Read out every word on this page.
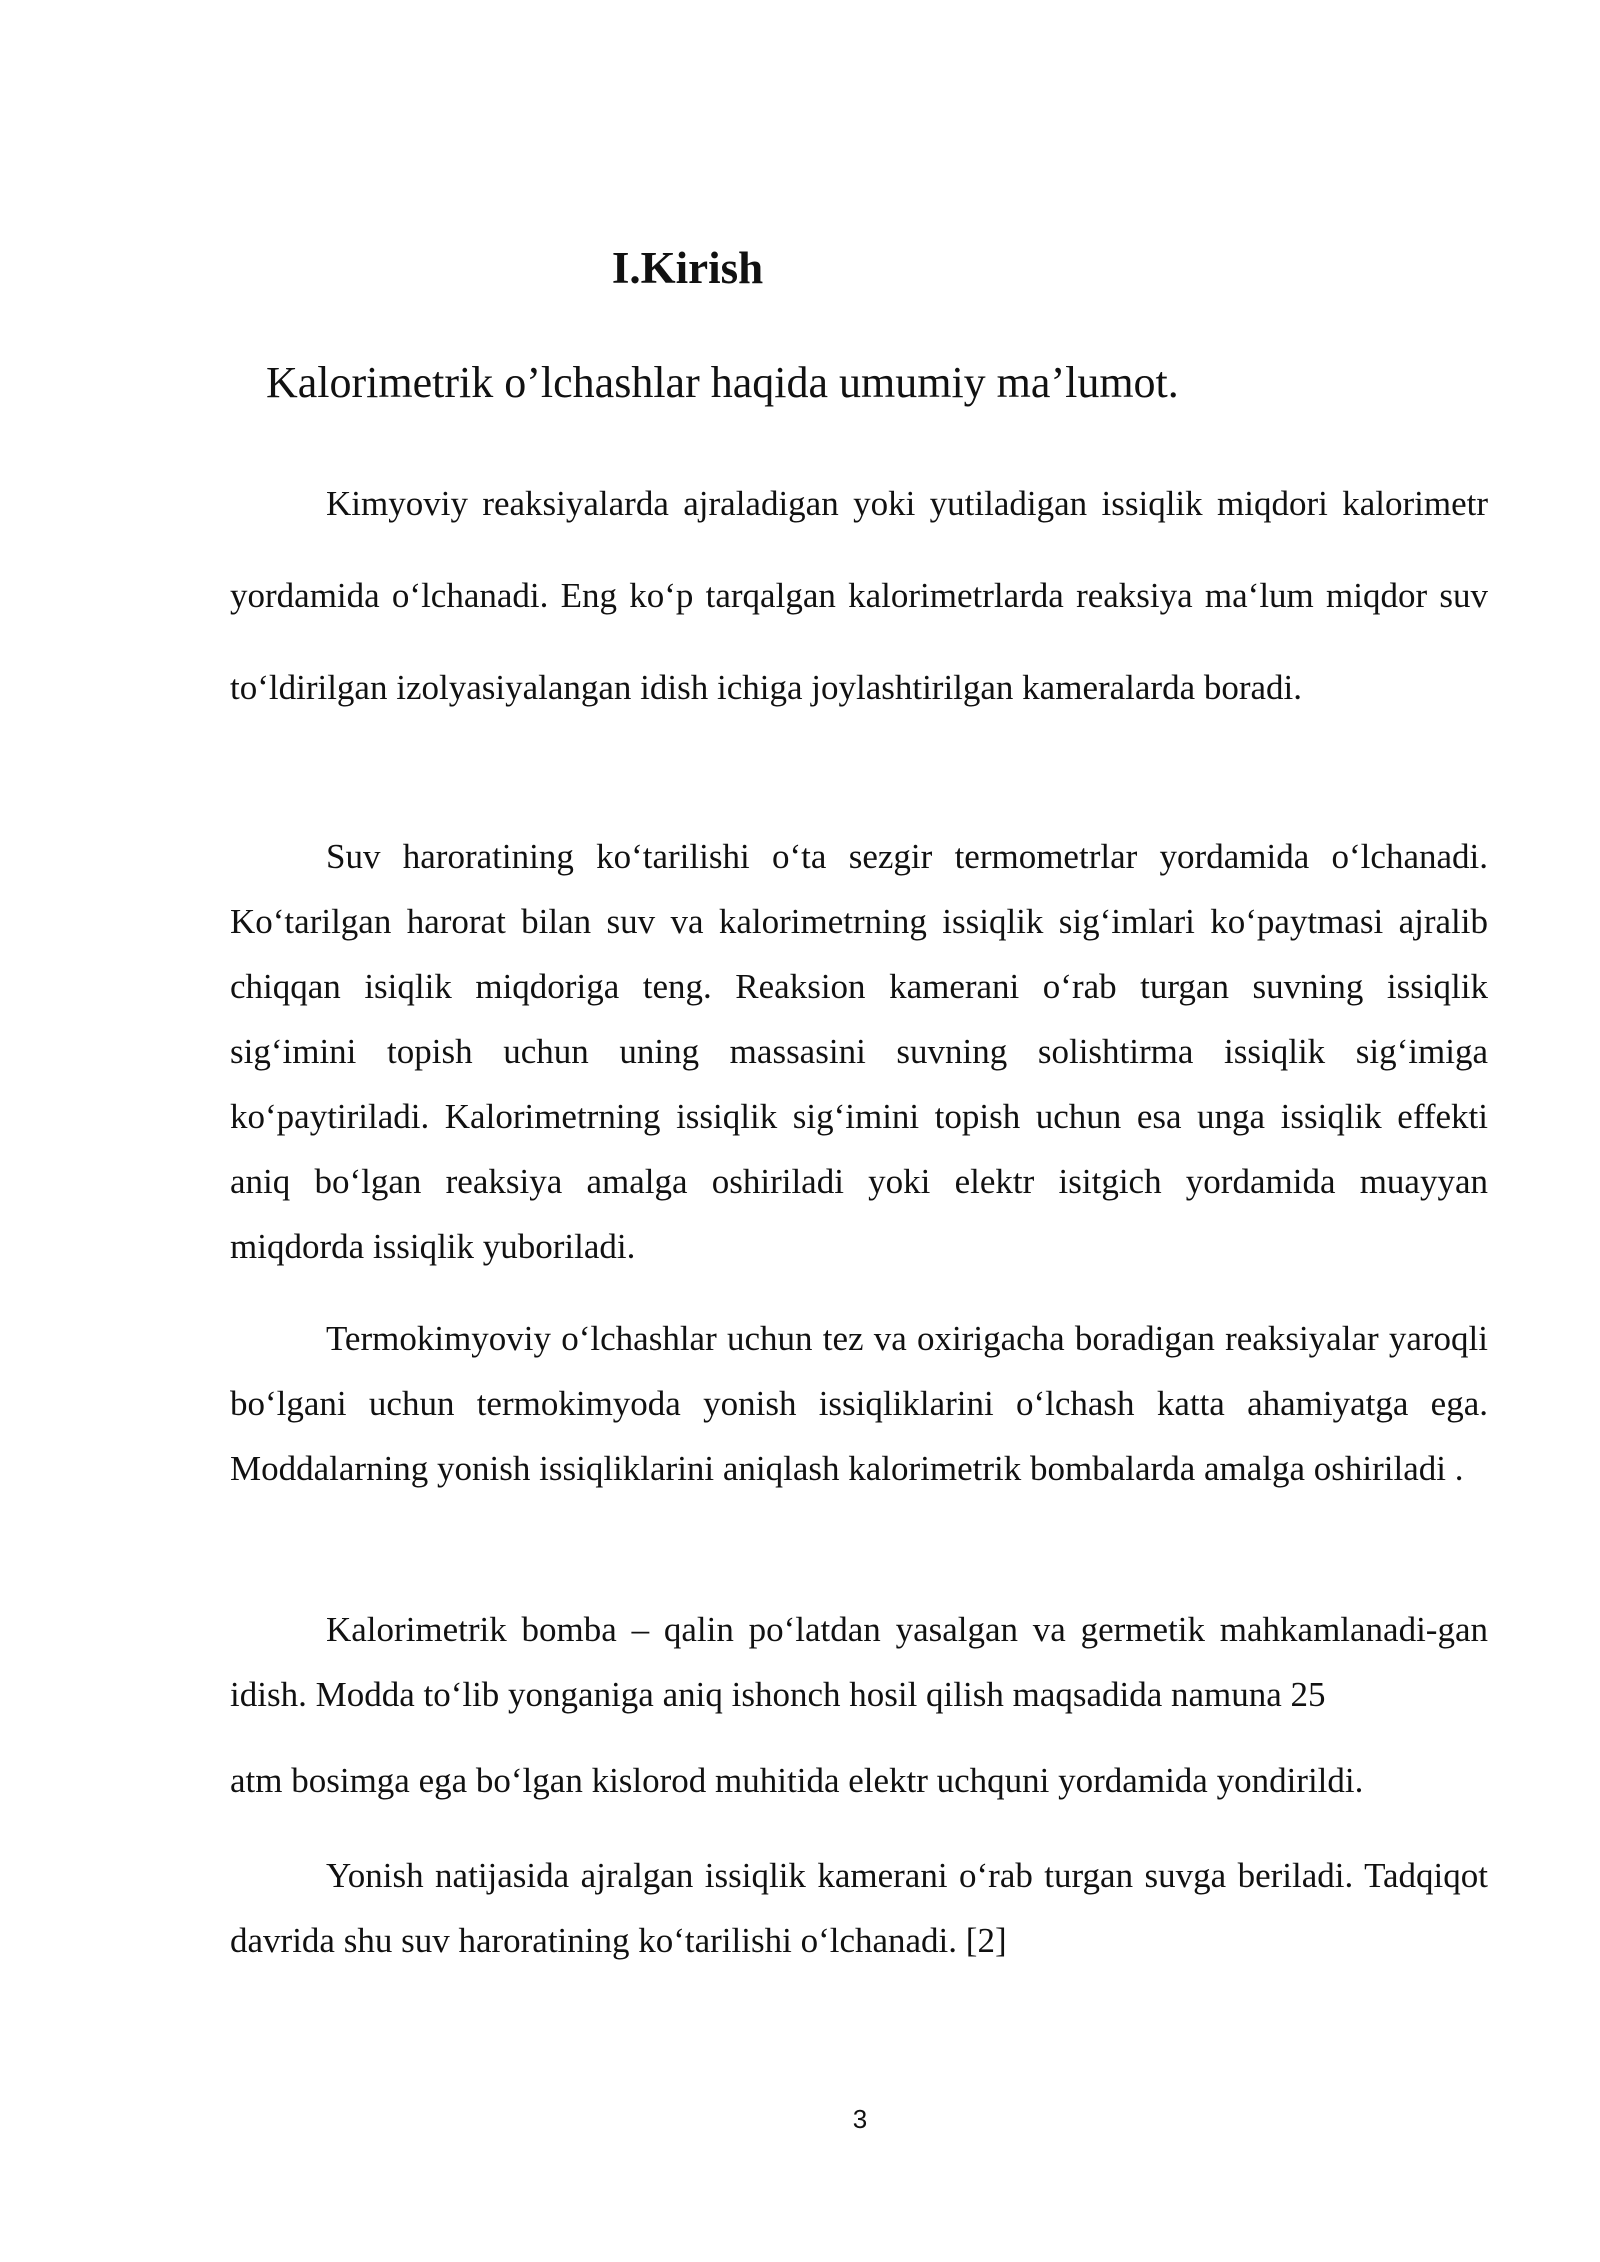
I.Kirish
Kalorimetrik o’lchashlar haqida umumiy ma’lumot.
Kimyoviy reaksiyalarda ajraladigan yoki yutiladigan issiqlik miqdori kalorimetr yordamida o‘lchanadi. Eng ko‘p tarqalgan kalorimetrlarda reaksiya ma‘lum miqdor suv to‘ldirilgan izolyasiyalangan idish ichiga joylashtirilgan kameralarda boradi.
Suv haroratining ko‘tarilishi o‘ta sezgir termometrlar yordamida o‘lchanadi. Ko‘tarilgan harorat bilan suv va kalorimetrning issiqlik sig‘imlari ko‘paytmasi ajralib chiqqan isiqlik miqdoriga teng. Reaksion kamerani o‘rab turgan suvning issiqlik sig‘imini topish uchun uning massasini suvning solishtirma issiqlik sig‘imiga ko‘paytiriladi. Kalorimetrning issiqlik sig‘imini topish uchun esa unga issiqlik effekti aniq bo‘lgan reaksiya amalga oshiriladi yoki elektr isitgich yordamida muayyan miqdorda issiqlik yuboriladi.
Termokimyoviy o‘lchashlar uchun tez va oxirigacha boradigan reaksiyalar yaroqli bo‘lgani uchun termokimyoda yonish issiqliklarini o‘lchash katta ahamiyatga ega. Moddalarning yonish issiqliklarini aniqlash kalorimetrik bombalarda amalga oshiriladi .
Kalorimetrik bomba – qalin po‘latdan yasalgan va germetik mahkamlanadi-gan idish. Modda to‘lib yonganiga aniq ishonch hosil qilish maqsadida namuna 25
atm bosimga ega bo‘lgan kislorod muhitida elektr uchquni yordamida yondirildi.
Yonish natijasida ajralgan issiqlik kamerani o‘rab turgan suvga beriladi. Tadqiqot davrida shu suv haroratining ko‘tarilishi o‘lchanadi. [2]
3
